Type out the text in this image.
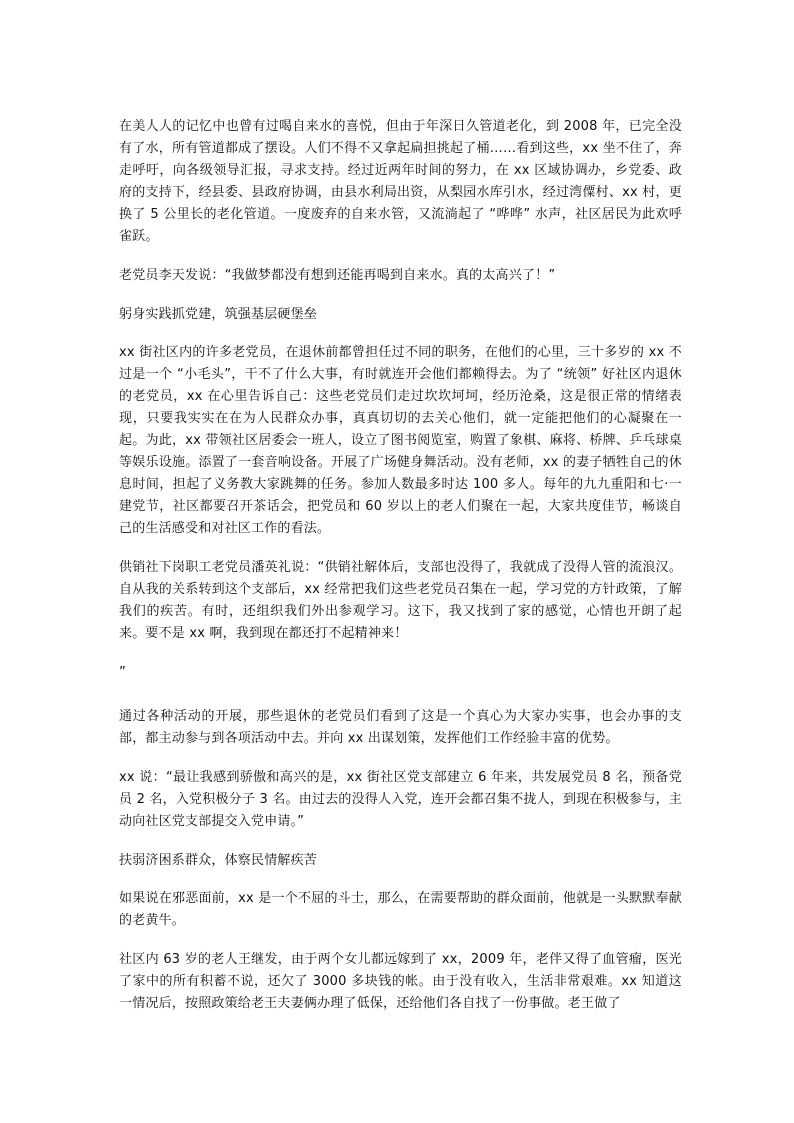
在美人人的记忆中也曾有过喝自来水的喜悦，但由于年深日久管道老化，到 2008 年，已完全没有了水，所有管道都成了摆设。人们不得不又拿起扁担挑起了桶……看到这些，xx 坐不住了，奔走呼吁，向各级领导汇报，寻求支持。经过近两年时间的努力，在 xx 区域协调办，乡党委、政府的支持下，经县委、县政府协调，由县水利局出资，从梨园水库引水，经过湾僳村、xx 村，更换了 5 公里长的老化管道。一度废弃的自来水管，又流淌起了 “哗哗” 水声，社区居民为此欢呼雀跃。

老党员李天发说：“我做梦都没有想到还能再喝到自来水。真的太高兴了！”

躬身实践抓党建，筑强基层硬堡垒

xx 街社区内的许多老党员，在退休前都曾担任过不同的职务，在他们的心里，三十多岁的 xx 不过是一个 “小毛头”，干不了什么大事，有时就连开会他们都赖得去。为了 “统领” 好社区内退休的老党员，xx 在心里告诉自己：这些老党员们走过坎坎坷坷，经历沧桑，这是很正常的情绪表现，只要我实实在在为人民群众办事，真真切切的去关心他们，就一定能把他们的心凝聚在一起。为此，xx 带领社区居委会一班人，设立了图书阅览室，购置了象棋、麻将、桥牌、乒乓球桌等娱乐设施。添置了一套音响设备。开展了广场健身舞活动。没有老师，xx 的妻子牺牲自己的休息时间，担起了义务教大家跳舞的任务。参加人数最多时达 100 多人。每年的九九重阳和七·一建党节，社区都要召开茶话会，把党员和 60 岁以上的老人们聚在一起，大家共度佳节，畅谈自己的生活感受和对社区工作的看法。

供销社下岗职工老党员潘英礼说：“供销社解体后，支部也没得了，我就成了没得人管的流浪汉。自从我的关系转到这个支部后，xx 经常把我们这些老党员召集在一起，学习党的方针政策，了解我们的疾苦。有时，还组织我们外出参观学习。这下，我又找到了家的感觉，心情也开朗了起来。要不是 xx 啊，我到现在都还打不起精神来！

”

通过各种活动的开展，那些退休的老党员们看到了这是一个真心为大家办实事，也会办事的支部，都主动参与到各项活动中去。并向 xx 出谋划策，发挥他们工作经验丰富的优势。

xx 说：“最让我感到骄傲和高兴的是，xx 街社区党支部建立 6 年来，共发展党员 8 名，预备党员 2 名，入党积极分子 3 名。由过去的没得人入党，连开会都召集不拢人，到现在积极参与，主动向社区党支部提交入党申请。”

扶弱济困系群众，体察民情解疾苦

如果说在邪恶面前，xx 是一个不屈的斗士，那么，在需要帮助的群众面前，他就是一头默默奉献的老黄牛。

社区内 63 岁的老人王继发，由于两个女儿都远嫁到了 xx，2009 年，老伴又得了血管瘤，医光了家中的所有积蓄不说，还欠了 3000 多块钱的帐。由于没有收入，生活非常艰难。xx 知道这一情况后，按照政策给老王夫妻俩办理了低保，还给他们各自找了一份事做。老王做了
